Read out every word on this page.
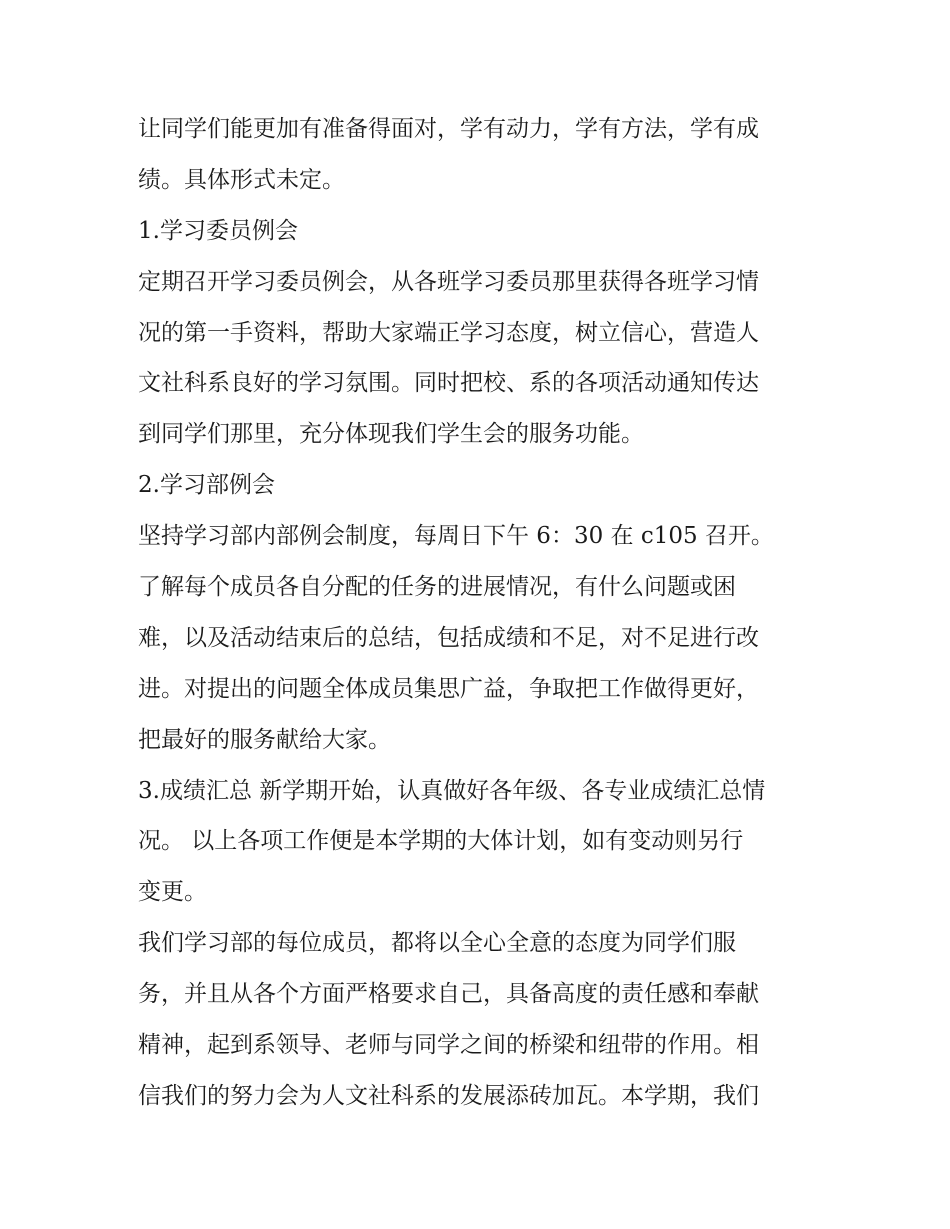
让同学们能更加有准备得面对，学有动力，学有方法，学有成
绩。具体形式未定。
1.学习委员例会
定期召开学习委员例会，从各班学习委员那里获得各班学习情
况的第一手资料，帮助大家端正学习态度，树立信心，营造人
文社科系良好的学习氛围。同时把校、系的各项活动通知传达
到同学们那里，充分体现我们学生会的服务功能。
2.学习部例会
坚持学习部内部例会制度，每周日下午 6：30 在 c105 召开。
了解每个成员各自分配的任务的进展情况，有什么问题或困
难，以及活动结束后的总结，包括成绩和不足，对不足进行改
进。对提出的问题全体成员集思广益，争取把工作做得更好，
把最好的服务献给大家。
3.成绩汇总 新学期开始，认真做好各年级、各专业成绩汇总情
况。 以上各项工作便是本学期的大体计划，如有变动则另行
变更。
我们学习部的每位成员，都将以全心全意的态度为同学们服
务，并且从各个方面严格要求自己，具备高度的责任感和奉献
精神，起到系领导、老师与同学之间的桥梁和纽带的作用。相
信我们的努力会为人文社科系的发展添砖加瓦。本学期，我们
